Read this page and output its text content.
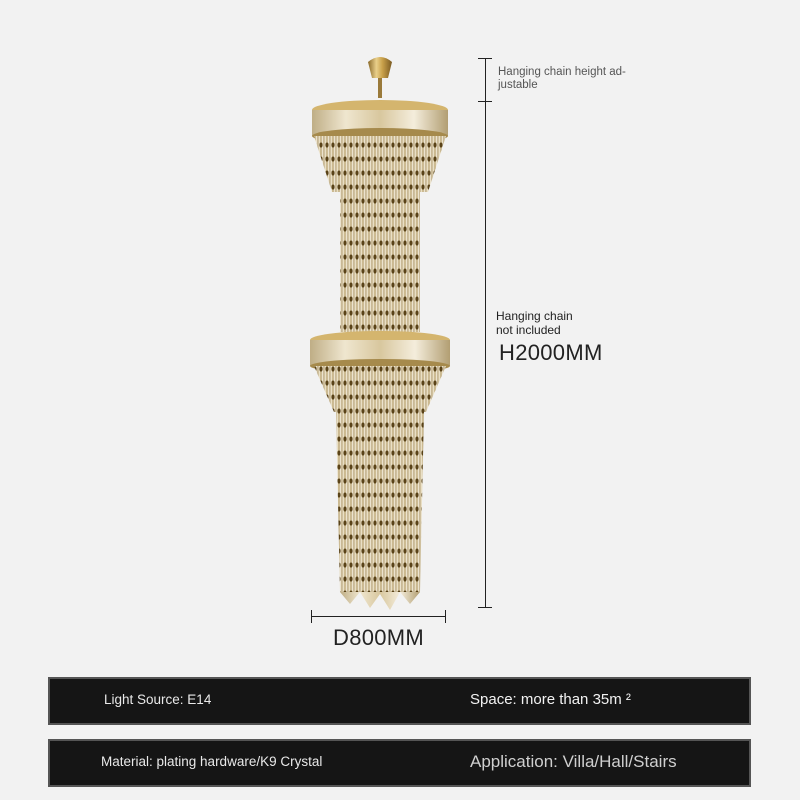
Hanging chain height ad-
justable
Hanging chain
not included
H2000MM
D800MM
Light Source: E14	Space: more than 35m ²
Material: plating hardware/K9 Crystal	Application: Villa/Hall/Stairs
